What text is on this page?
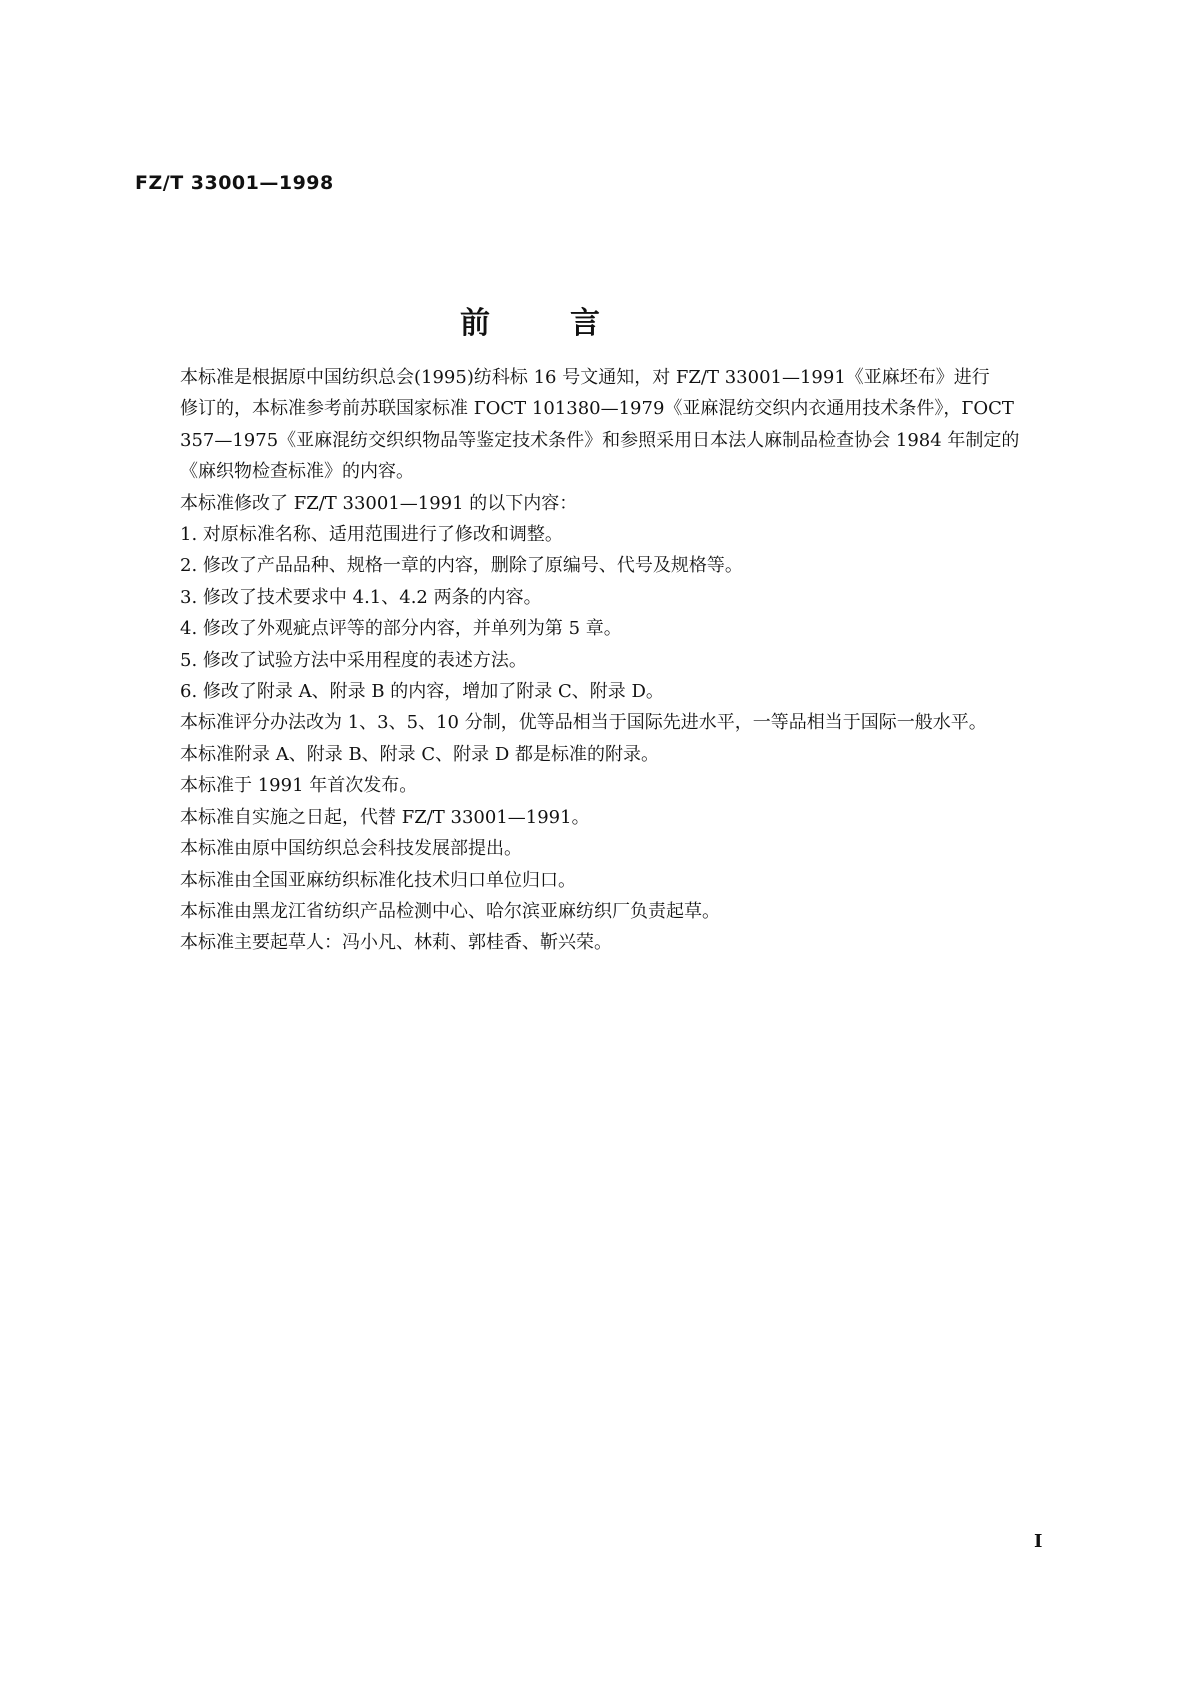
FZ/T 33001—1998
前言

本标准是根据原中国纺织总会(1995)纺科标 16 号文通知，对 FZ/T 33001—1991《亚麻坯布》进行

修订的，本标准参考前苏联国家标准 ГОСТ 101380—1979《亚麻混纺交织内衣通用技术条件》，ГОСТ

357—1975《亚麻混纺交织织物品等鉴定技术条件》和参照采用日本法人麻制品检查协会 1984 年制定的

《麻织物检查标准》的内容。

本标准修改了 FZ/T 33001—1991 的以下内容：

1. 对原标准名称、适用范围进行了修改和调整。

2. 修改了产品品种、规格一章的内容，删除了原编号、代号及规格等。

3. 修改了技术要求中 4.1、4.2 两条的内容。

4. 修改了外观疵点评等的部分内容，并单列为第 5 章。

5. 修改了试验方法中采用程度的表述方法。

6. 修改了附录 A、附录 B 的内容，增加了附录 C、附录 D。

本标准评分办法改为 1、3、5、10 分制，优等品相当于国际先进水平，一等品相当于国际一般水平。

本标准附录 A、附录 B、附录 C、附录 D 都是标准的附录。

本标准于 1991 年首次发布。

本标准自实施之日起，代替 FZ/T 33001—1991。

本标准由原中国纺织总会科技发展部提出。

本标准由全国亚麻纺织标准化技术归口单位归口。

本标准由黑龙江省纺织产品检测中心、哈尔滨亚麻纺织厂负责起草。

本标准主要起草人：冯小凡、林莉、郭桂香、靳兴荣。

I
